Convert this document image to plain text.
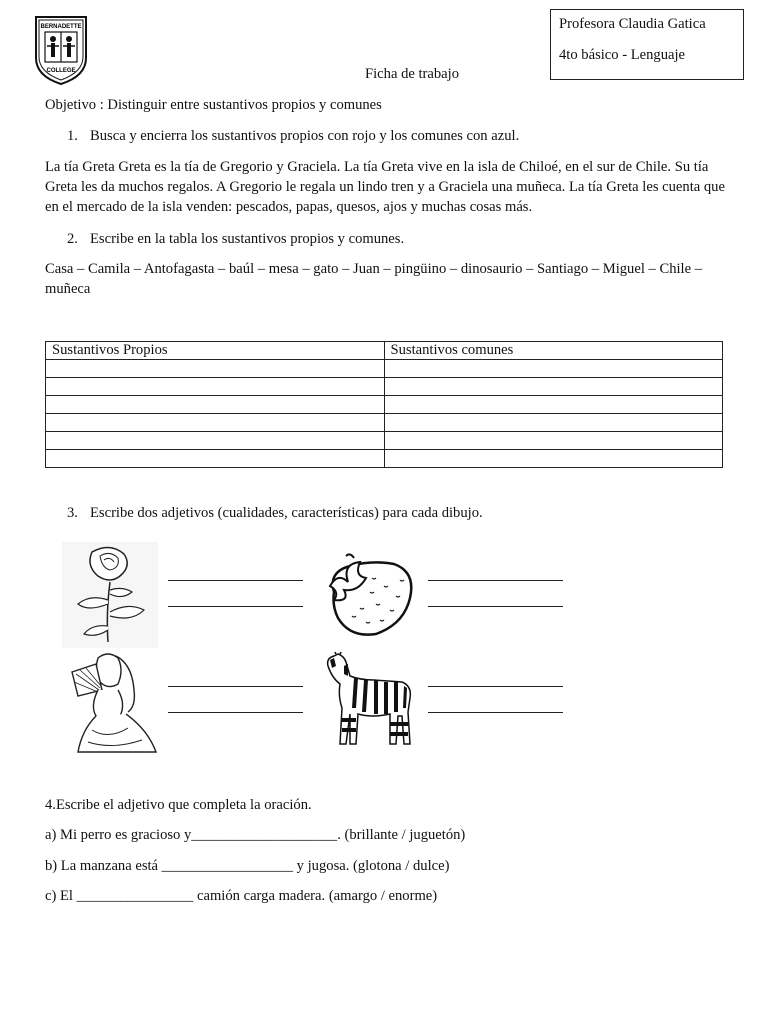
BERNADETTE
COLLEGE
Profesora Claudia Gatica
4to básico - Lenguaje
Ficha de trabajo
Objetivo : Distinguir entre sustantivos propios y comunes
1. Busca y encierra los sustantivos propios con rojo y los comunes con azul.
La tía Greta Greta es la tía de Gregorio y Graciela. La tía Greta vive en la isla de Chiloé, en el sur de Chile. Su tía Greta les da muchos regalos. A Gregorio le regala un lindo tren y a Graciela una muñeca. La tía Greta les cuenta que en el mercado de la isla venden: pescados, papas, quesos, ajos y muchas cosas más.
2. Escribe en la tabla los sustantivos propios y comunes.
Casa – Camila – Antofagasta – baúl – mesa – gato – Juan – pingüino – dinosaurio – Santiago – Miguel – Chile – muñeca
Sustantivos Propios	Sustantivos comunes

3. Escribe dos adjetivos (cualidades, características) para cada dibujo.
4.Escribe el adjetivo que completa la oración.
a) Mi perro es gracioso y____________________. (brillante / juguetón)
b) La manzana está __________________ y jugosa. (glotona / dulce)
c) El ________________ camión carga madera. (amargo / enorme)
